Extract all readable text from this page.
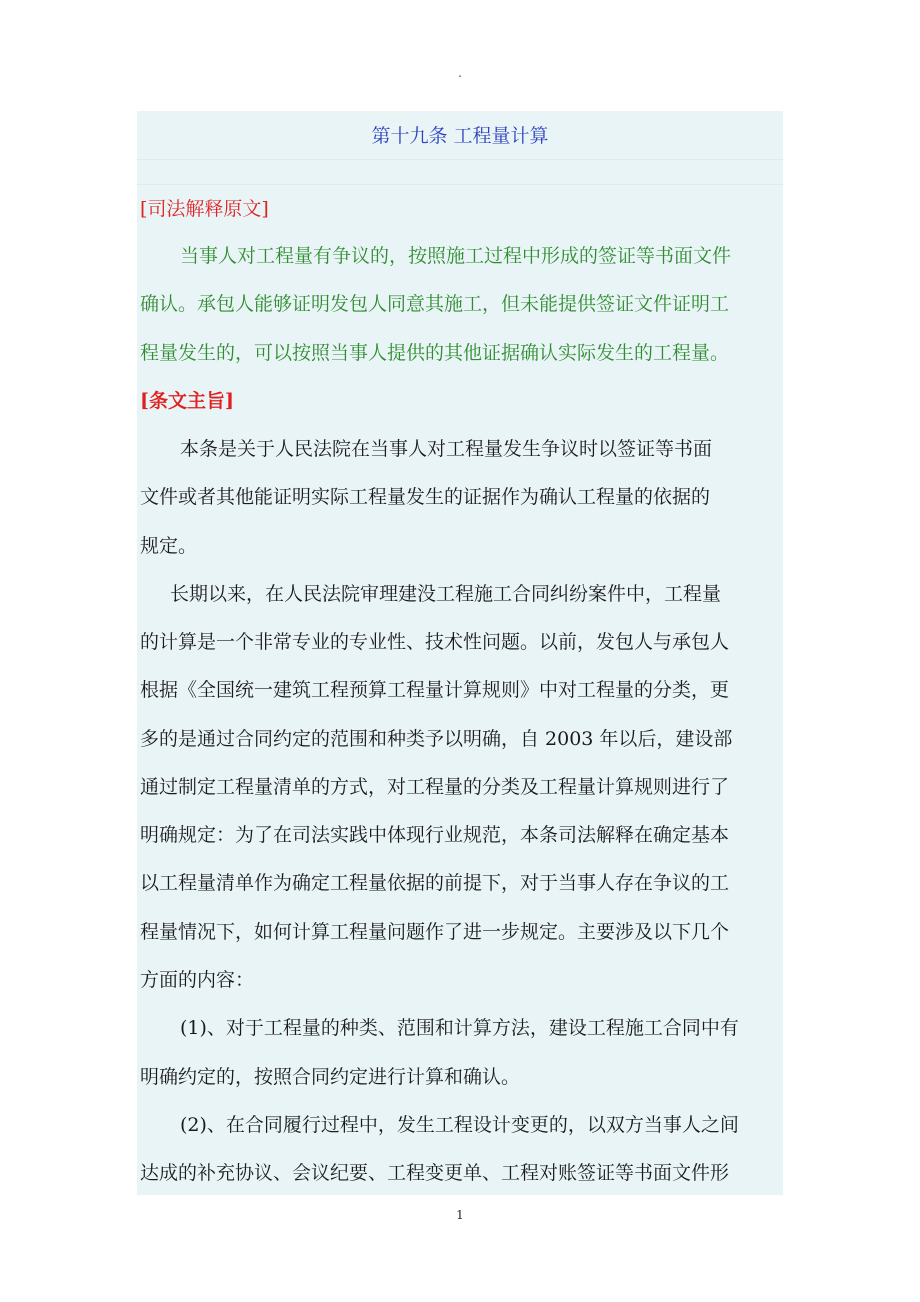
.
第十九条 工程量计算
[司法解释原文]
当事人对工程量有争议的，按照施工过程中形成的签证等书面文件
确认。承包人能够证明发包人同意其施工，但未能提供签证文件证明工
程量发生的，可以按照当事人提供的其他证据确认实际发生的工程量。
[条文主旨]
本条是关于人民法院在当事人对工程量发生争议时以签证等书面
文件或者其他能证明实际工程量发生的证据作为确认工程量的依据的
规定。
长期以来，在人民法院审理建没工程施工合同纠纷案件中，工程量
的计算是一个非常专业的专业性、技术性问题。以前，发包人与承包人
根据《全国统一建筑工程预算工程量计算规则》中对工程量的分类，更
多的是通过合同约定的范围和种类予以明确，自 2003 年以后，建设部
通过制定工程量清单的方式，对工程量的分类及工程量计算规则进行了
明确规定：为了在司法实践中体现行业规范，本条司法解释在确定基本
以工程量清单作为确定工程量依据的前提下，对于当事人存在争议的工
程量情况下，如何计算工程量问题作了进一步规定。主要涉及以下几个
方面的内容：
(1)、对于工程量的种类、范围和计算方法，建设工程施工合同中有
明确约定的，按照合同约定进行计算和确认。
(2)、在合同履行过程中，发生工程设计变更的，以双方当事人之间
达成的补充协议、会议纪要、工程变更单、工程对账签证等书面文件形
1
